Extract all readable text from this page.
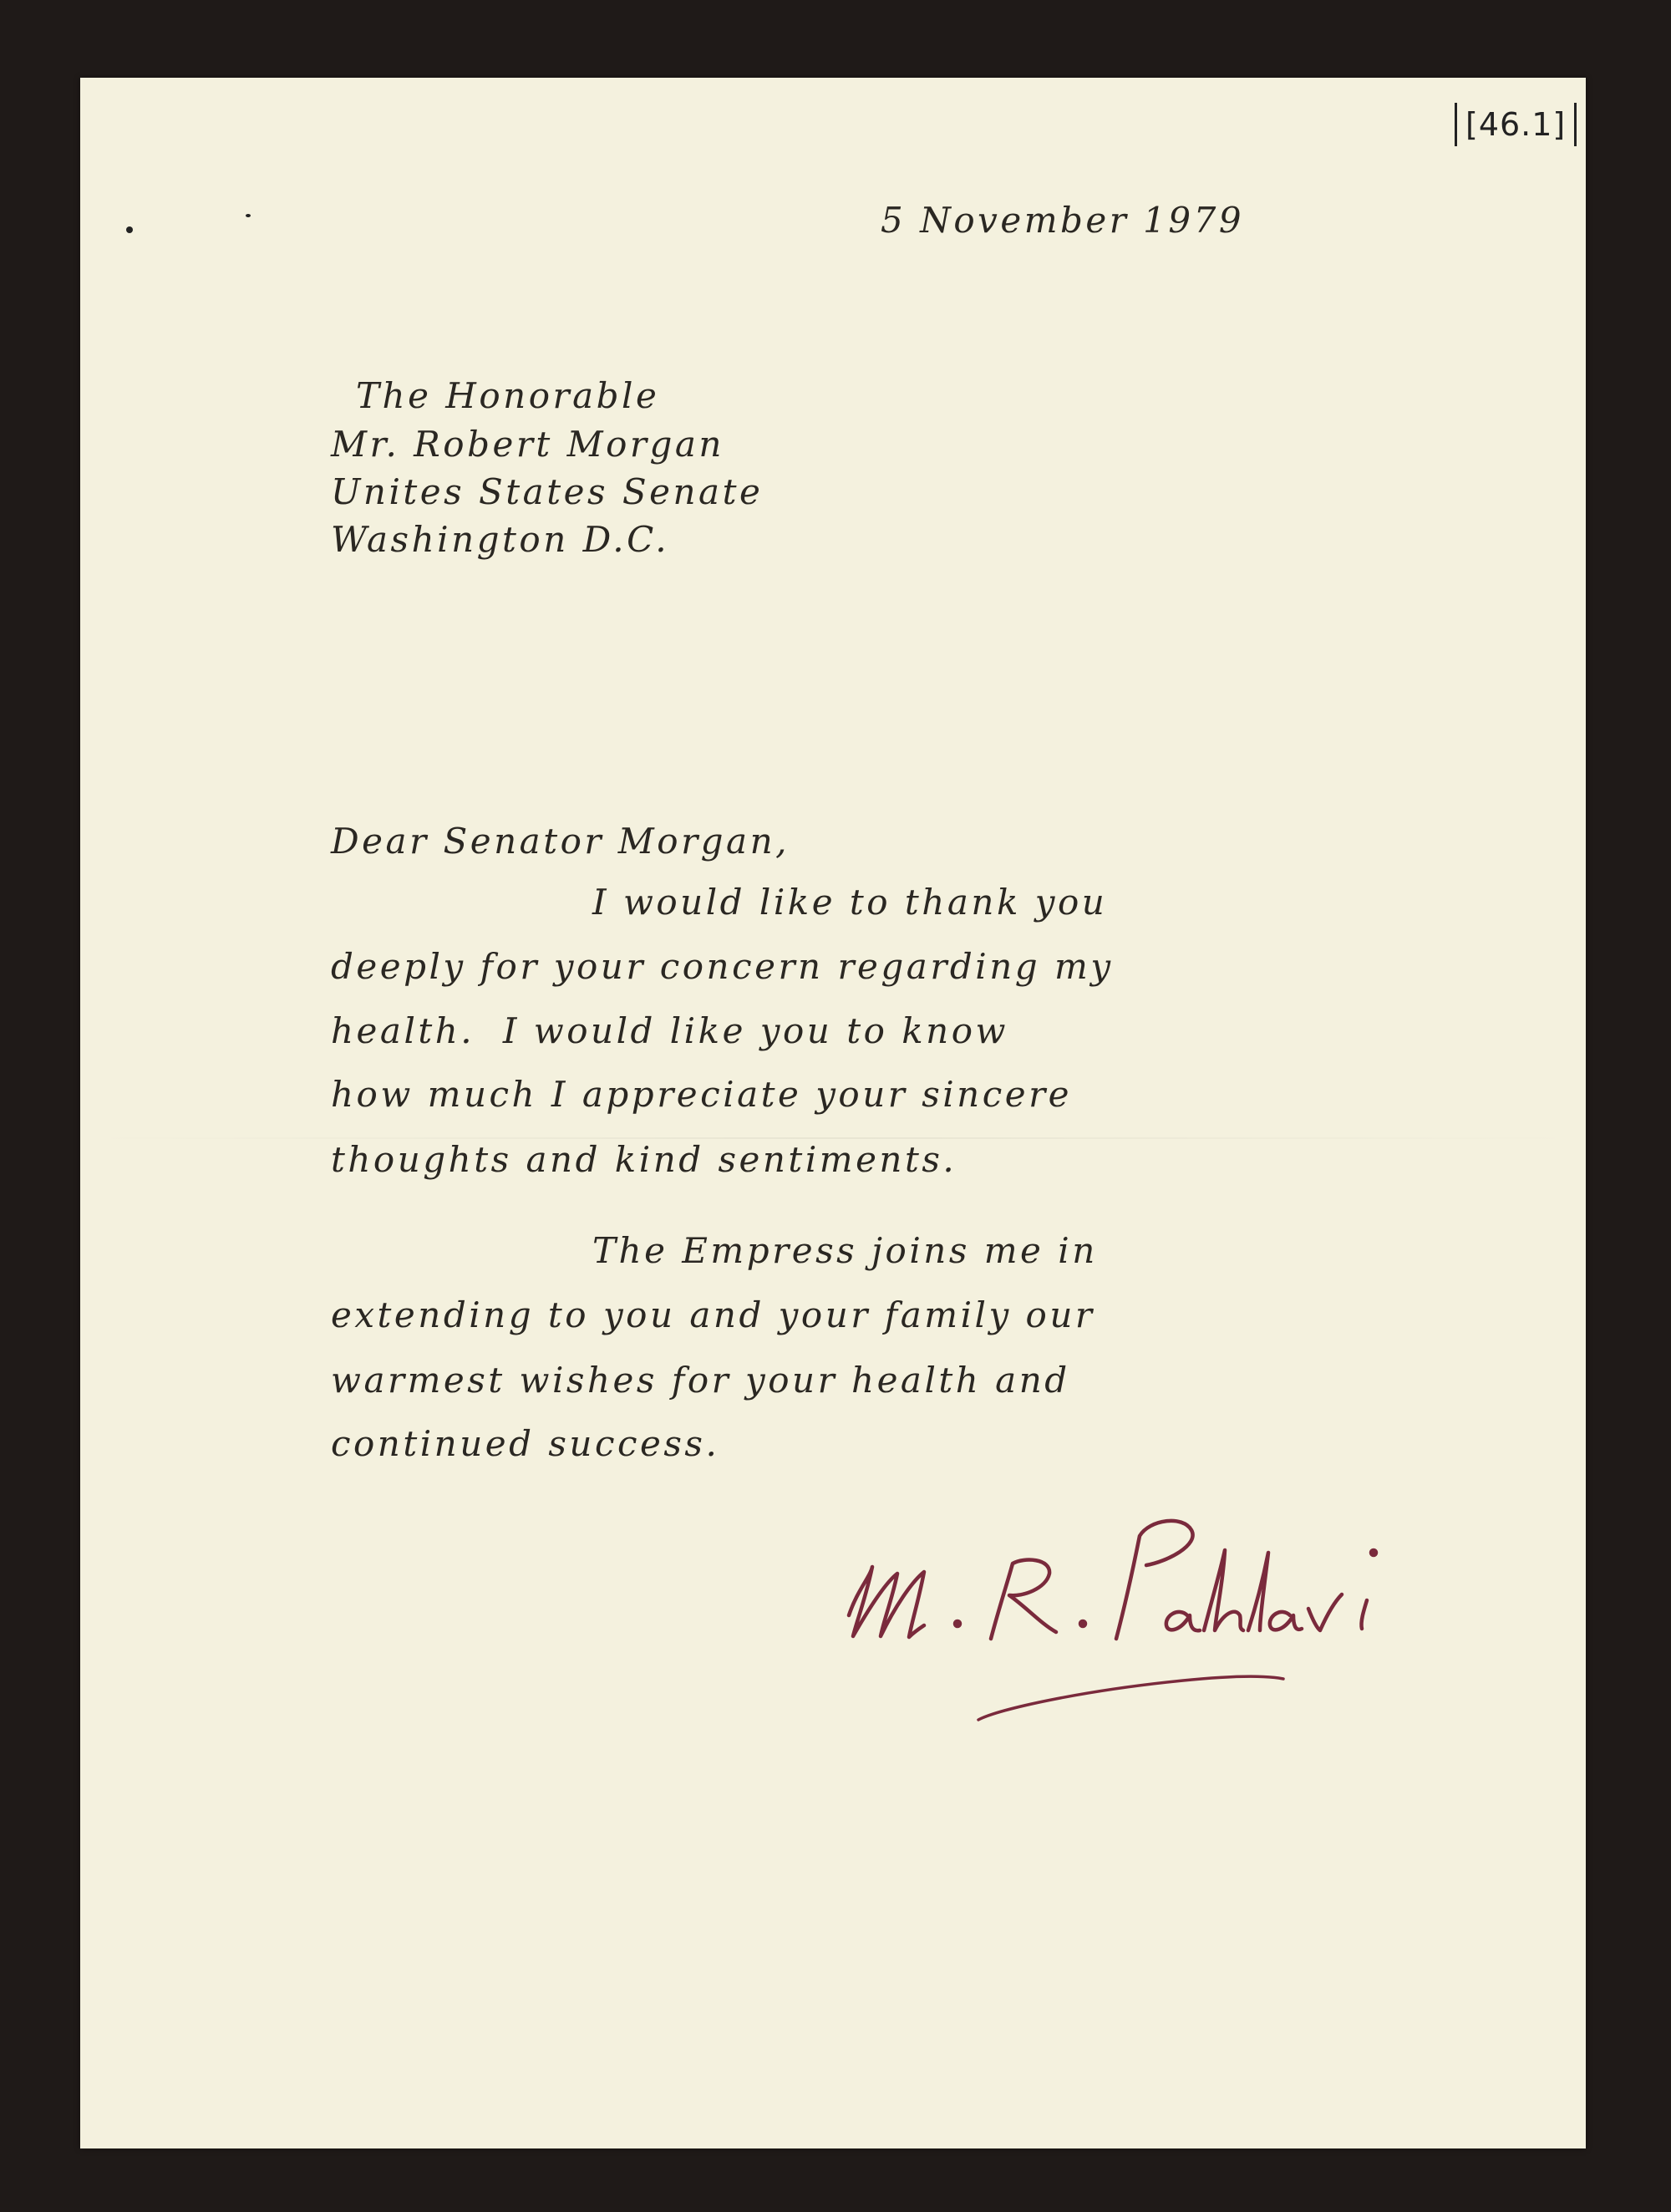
[46.1]
5 November 1979
The Honorable
Mr. Robert Morgan
Unites States Senate
Washington D.C.
Dear Senator Morgan,
I would like to thank you
deeply for your concern regarding my
health.  I would like you to know
how much I appreciate your sincere
thoughts and kind sentiments.
The Empress joins me in
extending to you and your family our
warmest wishes for your health and
continued success.
